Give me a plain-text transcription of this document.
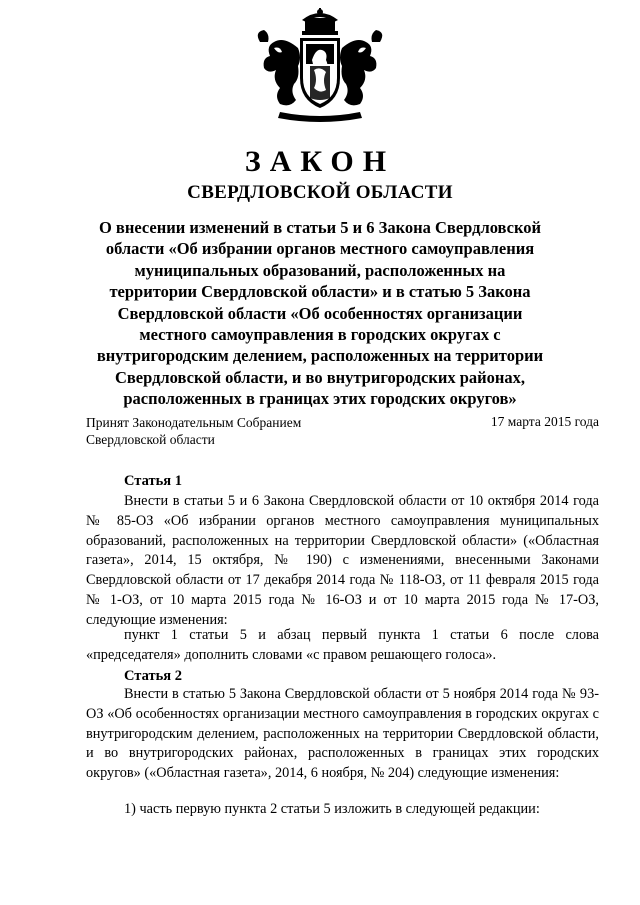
ЗАКОН
СВЕРДЛОВСКОЙ ОБЛАСТИ
О внесении изменений в статьи 5 и 6 Закона Свердловской области «Об избрании органов местного самоуправления муниципальных образований, расположенных на территории Свердловской области» и в статью 5 Закона Свердловской области «Об особенностях организации местного самоуправления в городских округах с внутригородским делением, расположенных на территории Свердловской области, и во внутригородских районах, расположенных в границах этих городских округов»
Принят Законодательным Собранием
Свердловской области
17 марта 2015 года
Статья 1
Внести в статьи 5 и 6 Закона Свердловской области от 10 октября 2014 года № 85-ОЗ «Об избрании органов местного самоуправления муниципальных образований, расположенных на территории Свердловской области» («Областная газета», 2014, 15 октября, № 190) с изменениями, внесенными Законами Свердловской области от 17 декабря 2014 года № 118-ОЗ, от 11 февраля 2015 года № 1-ОЗ, от 10 марта 2015 года № 16-ОЗ и от 10 марта 2015 года № 17-ОЗ, следующие изменения:
пункт 1 статьи 5 и абзац первый пункта 1 статьи 6 после слова «председателя» дополнить словами «с правом решающего голоса».
Статья 2
Внести в статью 5 Закона Свердловской области от 5 ноября 2014 года № 93-ОЗ «Об особенностях организации местного самоуправления в городских округах с внутригородским делением, расположенных на территории Свердловской области, и во внутригородских районах, расположенных в границах этих городских округов» («Областная газета», 2014, 6 ноября, № 204) следующие изменения:
1) часть первую пункта 2 статьи 5 изложить в следующей редакции:
